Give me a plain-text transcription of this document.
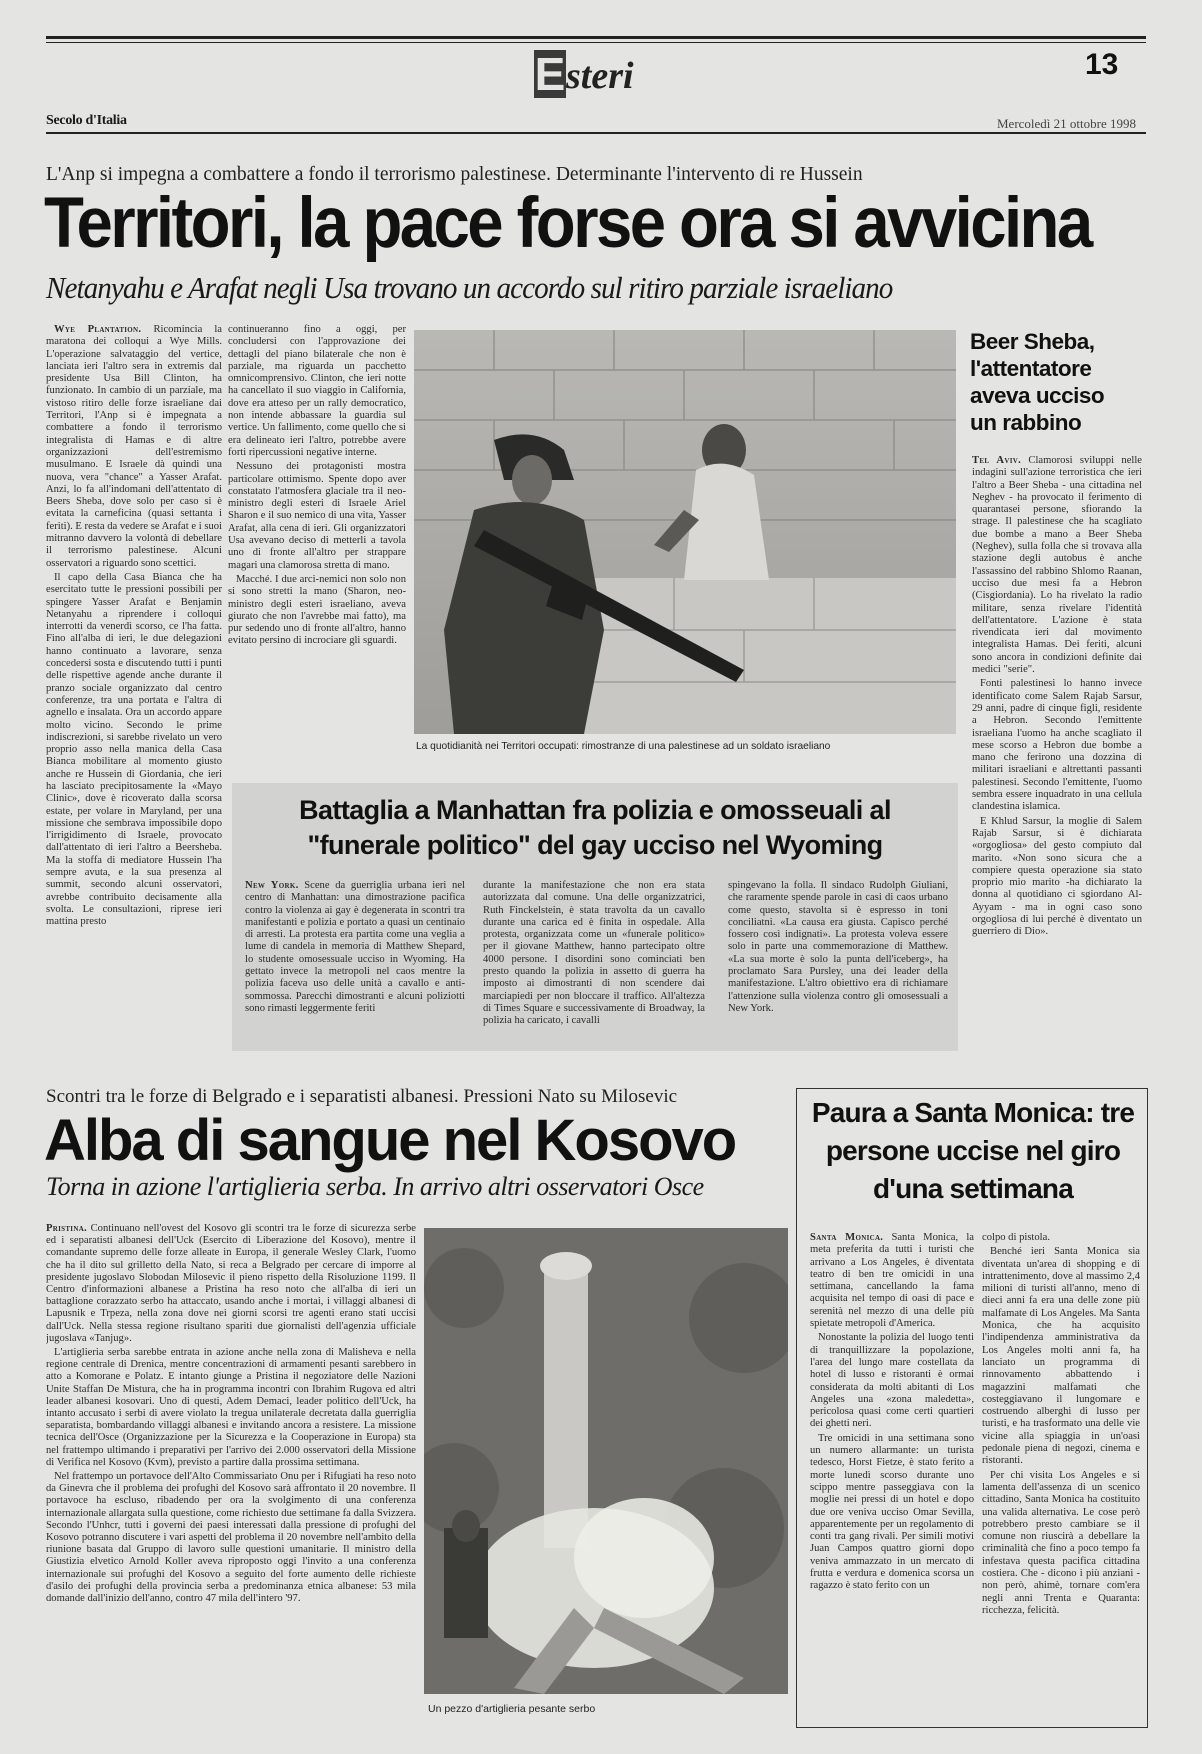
Esteri	13
Secolo d'Italia	Mercoledì 21 ottobre 1998
L'Anp si impegna a combattere a fondo il terrorismo palestinese. Determinante l'intervento di re Hussein
Territori, la pace forse ora si avvicina
Netanyahu e Arafat negli Usa trovano un accordo sul ritiro parziale israeliano

Wye Plantation. Ricomincia la maratona dei colloqui a Wye Mills. L'operazione salvataggio del vertice, lanciata ieri l'altro sera in extremis dal presidente Usa Bill Clinton, ha funzionato. In cambio di un parziale, ma vistoso ritiro delle forze israeliane dai Territori, l'Anp si è impegnata a combattere a fondo il terrorismo integralista di Hamas e di altre organizzazioni dell'estremismo musulmano. E Israele dà quindi una nuova, vera "chance" a Yasser Arafat. Anzi, lo fa all'indomani dell'attentato di Beers Sheba, dove solo per caso si è evitata la carneficina (quasi settanta i feriti). E resta da vedere se Arafat e i suoi mitranno davvero la volontà di debellare il terrorismo palestinese. Alcuni osservatori a riguardo sono scettici.

Il capo della Casa Bianca che ha esercitato tutte le pressioni possibili per spingere Yasser Arafat e Benjamin Netanyahu a riprendere i colloqui interrotti da venerdì scorso, ce l'ha fatta. Fino all'alba di ieri, le due delegazioni hanno continuato a lavorare, senza concedersi sosta e discutendo tutti i punti delle rispettive agende anche durante il pranzo sociale organizzato dal centro conferenze, tra una portata e l'altra di agnello e insalata. Ora un accordo appare molto vicino. Secondo le prime indiscrezioni, si sarebbe rivelato un vero proprio asso nella manica della Casa Bianca mobilitare al momento giusto anche re Hussein di Giordania, che ieri ha lasciato precipitosamente la «Mayo Clinic», dove è ricoverato dalla scorsa estate, per volare in Maryland, per una missione che sembrava impossibile dopo l'irrigidimento di Israele, provocato dall'attentato di ieri l'altro a Beersheba. Ma la stoffa di mediatore Hussein l'ha sempre avuta, e la sua presenza al summit, secondo alcuni osservatori, avrebbe contribuito decisamente alla svolta. Le consultazioni, riprese ieri mattina presto

continueranno fino a oggi, per concludersi con l'approvazione dei dettagli del piano bilaterale che non è parziale, ma riguarda un pacchetto omnicomprensivo. Clinton, che ieri notte ha cancellato il suo viaggio in California, dove era atteso per un rally democratico, non intende abbassare la guardia sul vertice. Un fallimento, come quello che si era delineato ieri l'altro, potrebbe avere forti ripercussioni negative interne.

Nessuno dei protagonisti mostra particolare ottimismo. Spente dopo aver constatato l'atmosfera glaciale tra il neo-ministro degli esteri di Israele Ariel Sharon e il suo nemico di una vita, Yasser Arafat, alla cena di ieri. Gli organizzatori Usa avevano deciso di metterli a tavola uno di fronte all'altro per strappare magari una clamorosa stretta di mano.

Macché. I due arci-nemici non solo non si sono stretti la mano (Sharon, neo-ministro degli esteri israeliano, aveva giurato che non l'avrebbe mai fatto), ma pur sedendo uno di fronte all'altro, hanno evitato persino di incrociare gli sguardi.

La quotidianità nei Territori occupati: rimostranze di una palestinese ad un soldato israeliano
Beer Sheba, l'attentatore aveva ucciso un rabbino

Tel Aviv. Clamorosi sviluppi nelle indagini sull'azione terroristica che ieri l'altro a Beer Sheba - una cittadina nel Neghev - ha provocato il ferimento di quarantasei persone, sfiorando la strage. Il palestinese che ha scagliato due bombe a mano a Beer Sheba (Neghev), sulla folla che si trovava alla stazione degli autobus è anche l'assassino del rabbino Shlomo Raanan, ucciso due mesi fa a Hebron (Cisgiordania). Lo ha rivelato la radio militare, senza rivelare l'identità dell'attentatore. L'azione è stata rivendicata ieri dal movimento integralista Hamas. Dei feriti, alcuni sono ancora in condizioni definite dai medici "serie".

Fonti palestinesi lo hanno invece identificato come Salem Rajab Sarsur, 29 anni, padre di cinque figli, residente a Hebron. Secondo l'emittente israeliana l'uomo ha anche scagliato il mese scorso a Hebron due bombe a mano che ferirono una dozzina di militari israeliani e altrettanti passanti palestinesi. Secondo l'emittente, l'uomo sembra essere inquadrato in una cellula clandestina islamica.

E Khlud Sarsur, la moglie di Salem Rajab Sarsur, si è dichiarata «orgogliosa» del gesto compiuto dal marito. «Non sono sicura che a compiere questa operazione sia stato proprio mio marito -ha dichiarato la donna al quotidiano ci sgiordano Al-Ayyam - ma in ogni caso sono orgogliosa di lui perché è diventato un guerriero di Dio».

Battaglia a Manhattan fra polizia e omosseuali al "funerale politico" del gay ucciso nel Wyoming

New York. Scene da guerriglia urbana ieri nel centro di Manhattan: una dimostrazione pacifica contro la violenza ai gay è degenerata in scontri tra manifestanti e polizia e portato a quasi un centinaio di arresti. La protesta era partita come una veglia a lume di candela in memoria di Matthew Shepard, lo studente omosessuale ucciso in Wyoming. Ha gettato invece la metropoli nel caos mentre la polizia faceva uso delle unità a cavallo e anti-sommossa. Parecchi dimostranti e alcuni poliziotti sono rimasti leggermente feriti

durante la manifestazione che non era stata autorizzata dal comune. Una delle organizzatrici, Ruth Finckelstein, è stata travolta da un cavallo durante una carica ed è finita in ospedale. Alla protesta, organizzata come un «funerale politico» per il giovane Matthew, hanno partecipato oltre 4000 persone. I disordini sono cominciati ben presto quando la polizia in assetto di guerra ha imposto ai dimostranti di non scendere dai marciapiedi per non bloccare il traffico. All'altezza di Times Square e successivamente di Broadway, la polizia ha caricato, i cavalli

spingevano la folla. Il sindaco Rudolph Giuliani, che raramente spende parole in casi di caos urbano come questo, stavolta si è espresso in toni conciliatni. «La causa era giusta. Capisco perché fossero così indignati». La protesta voleva essere solo in parte una commemorazione di Matthew. «La sua morte è solo la punta dell'iceberg», ha proclamato Sara Pursley, una dei leader della manifestazione. L'altro obiettivo era di richiamare l'attenzione sulla violenza contro gli omosessuali a New York.

Scontri tra le forze di Belgrado e i separatisti albanesi. Pressioni Nato su Milosevic
Alba di sangue nel Kosovo
Torna in azione l'artiglieria serba. In arrivo altri osservatori Osce

Pristina. Continuano nell'ovest del Kosovo gli scontri tra le forze di sicurezza serbe ed i separatisti albanesi dell'Uck (Esercito di Liberazione del Kosovo), mentre il comandante supremo delle forze alleate in Europa, il generale Wesley Clark, l'uomo che ha il dito sul grilletto della Nato, si reca a Belgrado per cercare di imporre al presidente jugoslavo Slobodan Milosevic il pieno rispetto della Risoluzione 1199. Il Centro d'informazioni albanese a Pristina ha reso noto che all'alba di ieri un battaglione corazzato serbo ha attaccato, usando anche i mortai, i villaggi albanesi di Lapusnik e Trpeza, nella zona dove nei giorni scorsi tre agenti erano stati uccisi dall'Uck. Nella stessa regione risultano spariti due giornalisti dell'agenzia ufficiale jugoslava «Tanjug».

L'artiglieria serba sarebbe entrata in azione anche nella zona di Malisheva e nella regione centrale di Drenica, mentre concentrazioni di armamenti pesanti sarebbero in atto a Komorane e Polatz. E intanto giunge a Pristina il negoziatore delle Nazioni Unite Staffan De Mistura, che ha in programma incontri con Ibrahim Rugova ed altri leader albanesi kosovari. Uno di questi, Adem Demaci, leader politico dell'Uck, ha intanto accusato i serbi di avere violato la tregua unilaterale decretata dalla guerriglia separatista, bombardando villaggi albanesi e invitando ancora a resistere. La missione tecnica dell'Osce (Organizzazione per la Sicurezza e la Cooperazione in Europa) sta nel frattempo ultimando i preparativi per l'arrivo dei 2.000 osservatori della Missione di Verifica nel Kosovo (Kvm), previsto a partire dalla prossima settimana.

Nel frattempo un portavoce dell'Alto Commissariato Onu per i Rifugiati ha reso noto da Ginevra che il problema dei profughi del Kosovo sarà affrontato il 20 novembre. Il portavoce ha escluso, ribadendo per ora la svolgimento di una conferenza internazionale allargata sulla questione, come richiesto due settimane fa dalla Svizzera. Secondo l'Unhcr, tutti i governi dei paesi interessati dalla pressione di profughi del Kosovo potranno discutere i vari aspetti del problema il 20 novembre nell'ambito della riunione basata dal Gruppo di lavoro sulle questioni umanitarie. Il ministro della Giustizia elvetico Arnold Koller aveva riproposto oggi l'invito a una conferenza internazionale sui profughi del Kosovo a seguito del forte aumento delle richieste d'asilo dei profughi della provincia serba a predominanza etnica albanese: 53 mila domande dall'inizio dell'anno, contro 47 mila dell'intero '97.

Un pezzo d'artiglieria pesante serbo
Paura a Santa Monica: tre persone uccise nel giro d'una settimana

Santa Monica. Santa Monica, la meta preferita da tutti i turisti che arrivano a Los Angeles, è diventata teatro di ben tre omicidi in una settimana, cancellando la fama acquisita nel tempo di oasi di pace e serenità nel mezzo di una delle più spietate metropoli d'America.

Nonostante la polizia del luogo tenti di tranquillizzare la popolazione, l'area del lungo mare costellata da hotel di lusso e ristoranti è ormai considerata da molti abitanti di Los Angeles una «zona maledetta», pericolosa quasi come certi quartieri dei ghetti neri.

Tre omicidi in una settimana sono un numero allarmante: un turista tedesco, Horst Fietze, è stato ferito a morte lunedì scorso durante uno scippo mentre passeggiava con la moglie nei pressi di un hotel e dopo due ore veniva ucciso Omar Sevilla, apparentemente per un regolamento di conti tra gang rivali. Per simili motivi Juan Campos quattro giorni dopo veniva ammazzato in un mercato di frutta e verdura e domenica scorsa un ragazzo è stato ferito con un

colpo di pistola.

Benché ieri Santa Monica sia diventata un'area di shopping e di intrattenimento, dove al massimo 2,4 milioni di turisti all'anno, meno di dieci anni fa era una delle zone più malfamate di Los Angeles. Ma Santa Monica, che ha acquisito l'indipendenza amministrativa da Los Angeles molti anni fa, ha lanciato un programma di rinnovamento abbattendo i magazzini malfamati che costeggiavano il lungomare e costruendo alberghi di lusso per turisti, e ha trasformato una delle vie vicine alla spiaggia in un'oasi pedonale piena di negozi, cinema e ristoranti.

Per chi visita Los Angeles e si lamenta dell'assenza di un scenico cittadino, Santa Monica ha costituito una valida alternativa. Le cose però potrebbero presto cambiare se il comune non riuscirà a debellare la criminalità che fino a poco tempo fa infestava questa pacifica cittadina costiera. Che - dicono i più anziani - non però, ahimè, tornare com'era negli anni Trenta e Quaranta: ricchezza, felicità.
